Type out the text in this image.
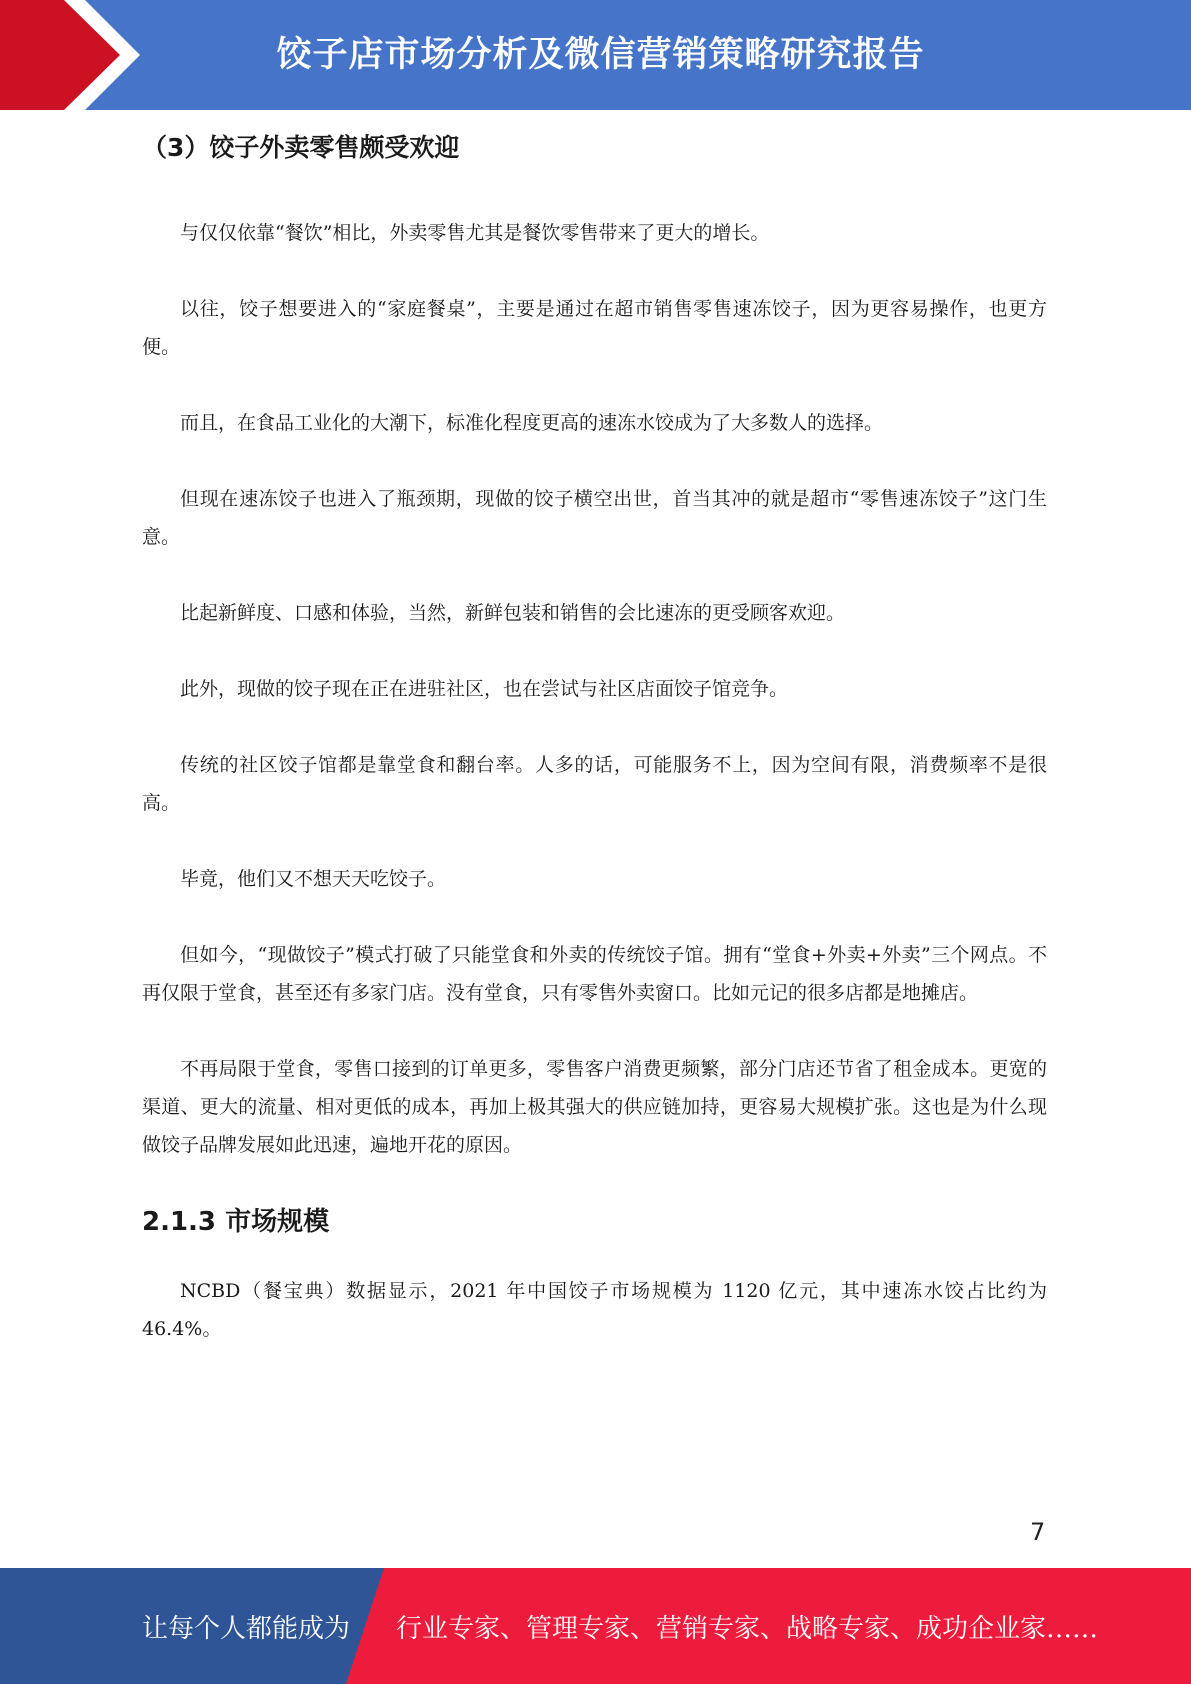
饺子店市场分析及微信营销策略研究报告
（3）饺子外卖零售颇受欢迎

与仅仅依靠“餐饮”相比，外卖零售尤其是餐饮零售带来了更大的增长。

以往，饺子想要进入的“家庭餐桌”，主要是通过在超市销售零售速冻饺子，因为更容易操作，也更方便。

而且，在食品工业化的大潮下，标准化程度更高的速冻水饺成为了大多数人的选择。

但现在速冻饺子也进入了瓶颈期，现做的饺子横空出世，首当其冲的就是超市“零售速冻饺子”这门生意。

比起新鲜度、口感和体验，当然，新鲜包装和销售的会比速冻的更受顾客欢迎。

此外，现做的饺子现在正在进驻社区，也在尝试与社区店面饺子馆竞争。

传统的社区饺子馆都是靠堂食和翻台率。人多的话，可能服务不上，因为空间有限，消费频率不是很高。

毕竟，他们又不想天天吃饺子。

但如今，“现做饺子”模式打破了只能堂食和外卖的传统饺子馆。拥有“堂食+外卖+外卖”三个网点。不再仅限于堂食，甚至还有多家门店。没有堂食，只有零售外卖窗口。比如元记的很多店都是地摊店。

不再局限于堂食，零售口接到的订单更多，零售客户消费更频繁，部分门店还节省了租金成本。更宽的渠道、更大的流量、相对更低的成本，再加上极其强大的供应链加持，更容易大规模扩张。这也是为什么现做饺子品牌发展如此迅速，遍地开花的原因。

2.1.3 市场规模

NCBD（餐宝典）数据显示，2021 年中国饺子市场规模为 1120 亿元，其中速冻水饺占比约为 46.4%。

7
让每个人都能成为 行业专家、管理专家、营销专家、战略专家、成功企业家……
